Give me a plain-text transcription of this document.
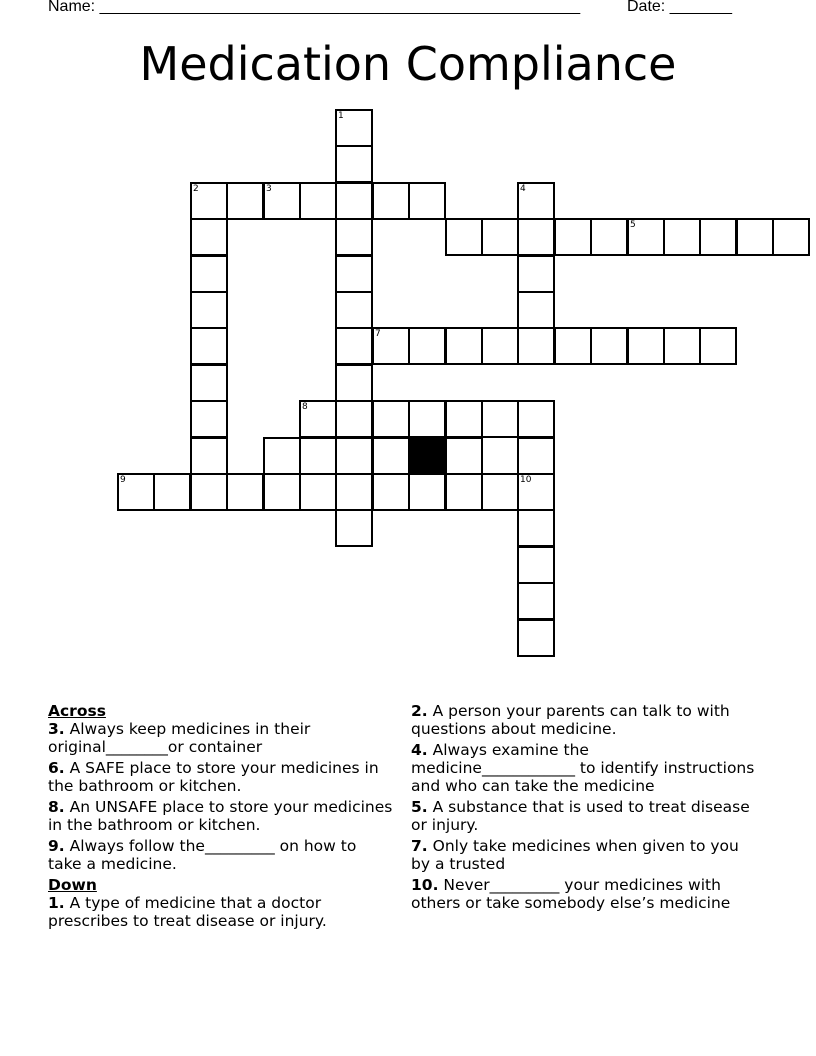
Name: ______________________________________________________	Date: _______
Medication Compliance
1
2	3	4
5
7
8
9	10
Across
3. Always keep medicines in their original________or container
6. A SAFE place to store your medicines in the bathroom or kitchen.
8. An UNSAFE place to store your medicines in the bathroom or kitchen.
9. Always follow the_________ on how to take a medicine.
Down
1. A type of medicine that a doctor prescribes to treat disease or injury.
2. A person your parents can talk to with questions about medicine.
4. Always examine the medicine____________ to identify instructions and who can take the medicine
5. A substance that is used to treat disease or injury.
7. Only take medicines when given to you by a trusted
10. Never_________ your medicines with others or take somebody else’s medicine
